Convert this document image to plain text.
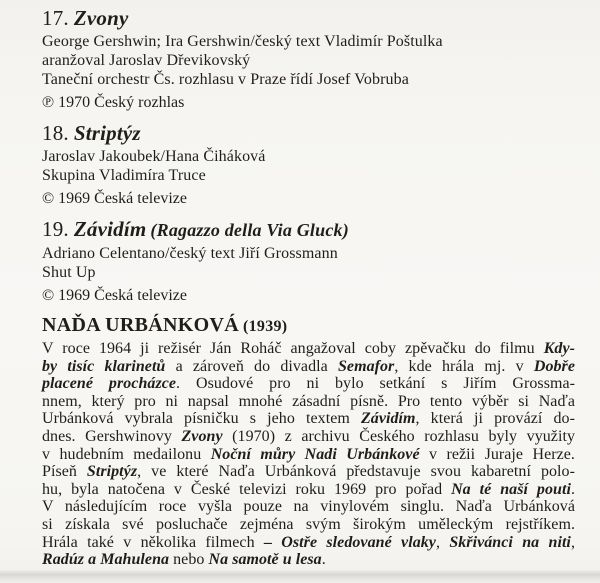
17. Zvony

George Gershwin; Ira Gershwin/český text Vladimír Poštulka

aranžoval Jaroslav Dřevikovský

Taneční orchestr Čs. rozhlasu v Praze řídí Josef Vobruba

℗ 1970 Český rozhlas

18. Striptýz

Jaroslav Jakoubek/Hana Čiháková

Skupina Vladimíra Truce

© 1969 Česká televize

19. Závidím (Ragazzo della Via Gluck)

Adriano Celentano/český text Jiří Grossmann

Shut Up

© 1969 Česká televize

NAĎA URBÁNKOVÁ (1939)
V roce 1964 ji režisér Ján Roháč angažoval coby zpěvačku do filmu Kdy-
by tisíc klarinetů a zároveň do divadla Semafor, kde hrála mj. v Dobře
placené procházce. Osudové pro ni bylo setkání s Jiřím Grossma-
nnem, který pro ni napsal mnohé zásadní písně. Pro tento výběr si Naďa
Urbánková vybrala písničku s jeho textem Závidím, která ji provází do-
dnes. Gershwinovy Zvony (1970) z archivu Českého rozhlasu byly využity
v hudebním medailonu Noční můry Nadi Urbánkové v režii Juraje Herze.
Píseň Striptýz, ve které Naďa Urbánková představuje svou kabaretní polo-
hu, byla natočena v České televizi roku 1969 pro pořad Na té naší pouti.
V následujícím roce vyšla pouze na vinylovém singlu. Naďa Urbánková
si získala své posluchače zejména svým širokým uměleckým rejstříkem.
Hrála také v několika filmech – Ostře sledované vlaky, Skřivánci na niti,
Radúz a Mahulena nebo Na samotě u lesa.
